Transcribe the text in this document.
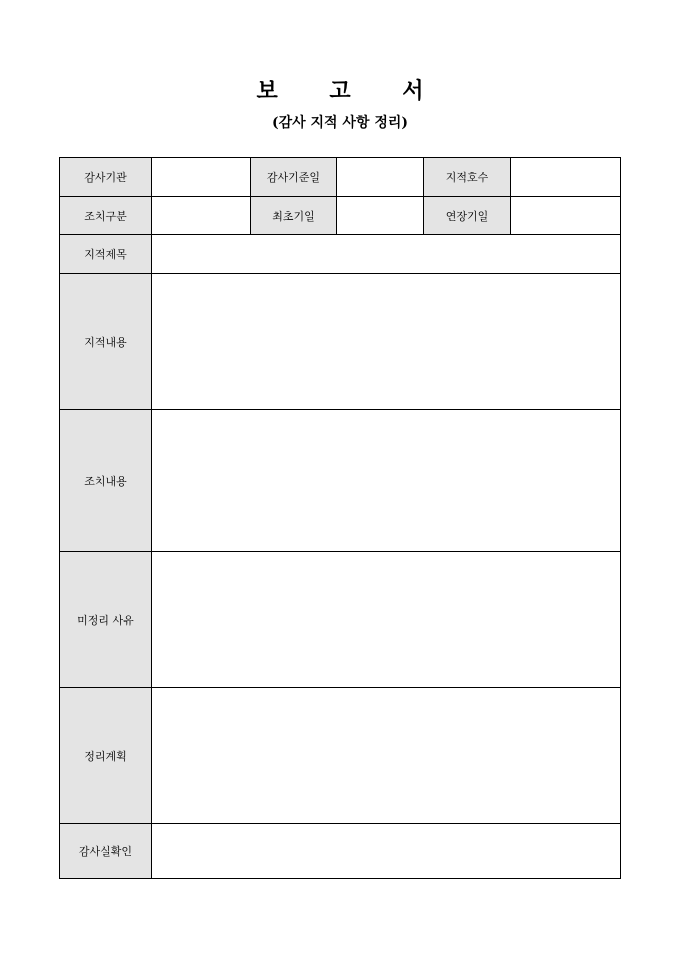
보 고 서
(감사 지적 사항 정리)
감사기관		감사기준일		지적호수	
조치구분		최초기일		연장기일	
지적제목					
지적내용					
조치내용					
미정리 사유					
정리계획					
감사실확인					
